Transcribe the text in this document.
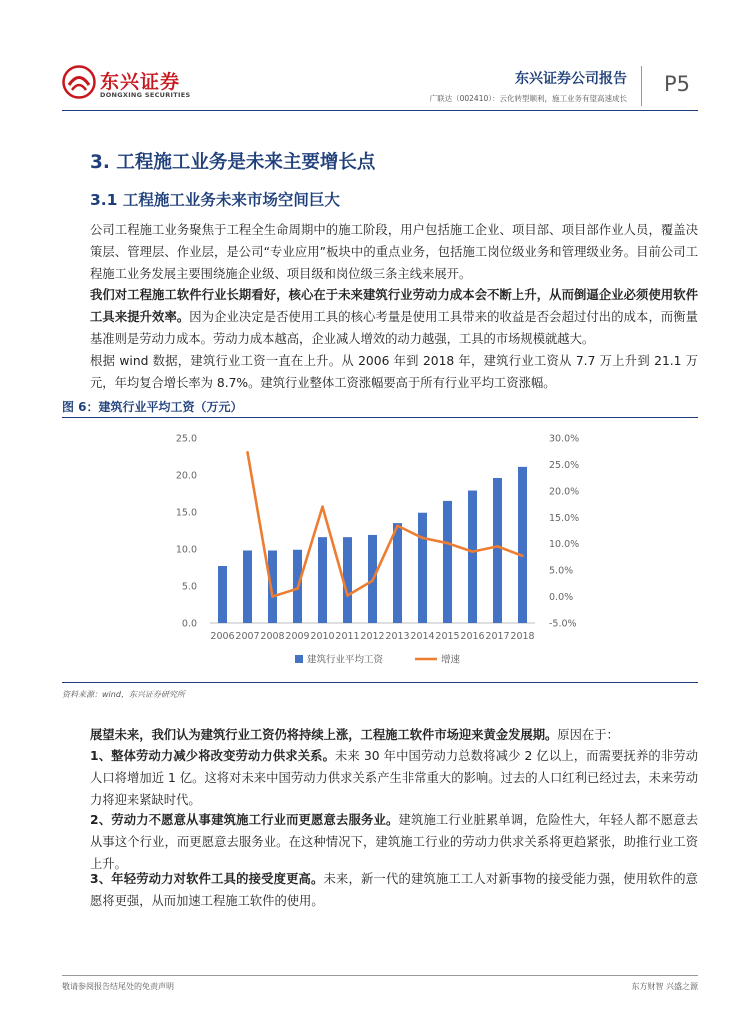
东兴证券
DONGXING SECURITIES
东兴证券公司报告
广联达（002410）：云化转型顺利，施工业务有望高速成长
P5
3. 工程施工业务是未来主要增长点
3.1 工程施工业务未来市场空间巨大
公司工程施工业务聚焦于工程全生命周期中的施工阶段，用户包括施工企业、项目部、项目部作业人员，覆盖决策层、管理层、作业层，是公司“专业应用”板块中的重点业务，包括施工岗位级业务和管理级业务。目前公司工程施工业务发展主要围绕施企业级、项目级和岗位级三条主线来展开。
我们对工程施工软件行业长期看好，核心在于未来建筑行业劳动力成本会不断上升，从而倒逼企业必须使用软件工具来提升效率。因为企业决定是否使用工具的核心考量是使用工具带来的收益是否会超过付出的成本，而衡量基准则是劳动力成本。劳动力成本越高，企业减人增效的动力越强，工具的市场规模就越大。
根据 wind 数据，建筑行业工资一直在上升。从 2006 年到 2018 年，建筑行业工资从 7.7 万上升到 21.1 万元，年均复合增长率为 8.7%。建筑行业整体工资涨幅要高于所有行业平均工资涨幅。
图 6：建筑行业平均工资（万元）
0.0
5.0
10.0
15.0
20.0
25.0
-5.0%
0.0%
5.0%
10.0%
15.0%
20.0%
25.0%
30.0%
2006 2007 2008 2009 2010 2011 2012 2013 2014 2015 2016 2017 2018
建筑行业平均工资	增速
资料来源：wind，东兴证券研究所
展望未来，我们认为建筑行业工资仍将持续上涨，工程施工软件市场迎来黄金发展期。原因在于：
1、整体劳动力减少将改变劳动力供求关系。未来 30 年中国劳动力总数将减少 2 亿以上，而需要抚养的非劳动人口将增加近 1 亿。这将对未来中国劳动力供求关系产生非常重大的影响。过去的人口红利已经过去，未来劳动力将迎来紧缺时代。
2、劳动力不愿意从事建筑施工行业而更愿意去服务业。建筑施工行业脏累单调，危险性大，年轻人都不愿意去从事这个行业，而更愿意去服务业。在这种情况下，建筑施工行业的劳动力供求关系将更趋紧张，助推行业工资上升。
3、年轻劳动力对软件工具的接受度更高。未来，新一代的建筑施工工人对新事物的接受能力强，使用软件的意愿将更强，从而加速工程施工软件的使用。
敬请参阅报告结尾处的免责声明	东方财智 兴盛之源
